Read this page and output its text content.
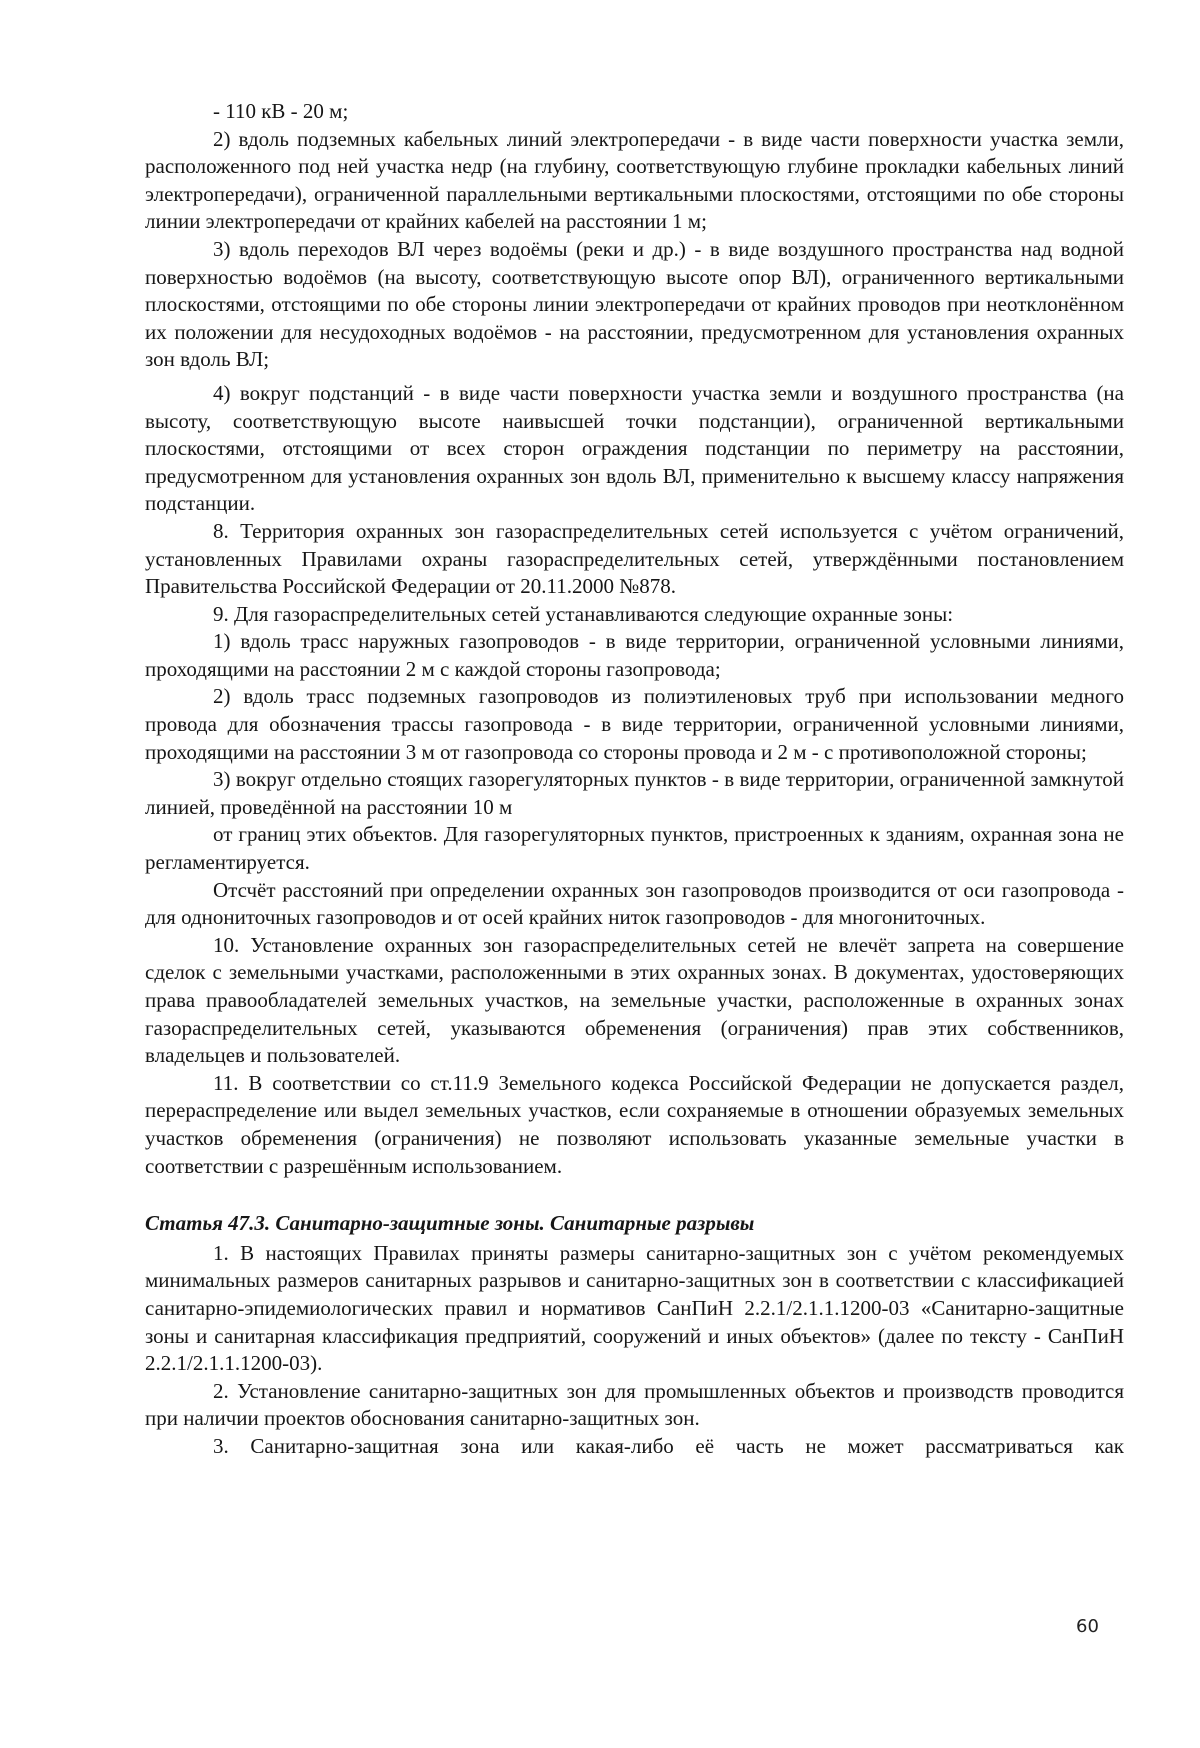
- 110 кВ - 20 м;

2) вдоль подземных кабельных линий электропередачи - в виде части поверхности участка земли, расположенного под ней участка недр (на глубину, соответствующую глубине прокладки кабельных линий электропередачи), ограниченной параллельными вертикальными плоскостями, отстоящими по обе стороны линии электропередачи от крайних кабелей на расстоянии 1 м;

3) вдоль переходов ВЛ через водоёмы (реки и др.) - в виде воздушного пространства над водной поверхностью водоёмов (на высоту, соответствующую высоте опор ВЛ), ограниченного вертикальными плоскостями, отстоящими по обе стороны линии электропередачи от крайних проводов при неотклонённом их положении для несудоходных водоёмов - на расстоянии, предусмотренном для установления охранных зон вдоль ВЛ;

4) вокруг подстанций - в виде части поверхности участка земли и воздушного пространства (на высоту, соответствующую высоте наивысшей точки подстанции), ограниченной вертикальными плоскостями, отстоящими от всех сторон ограждения подстанции по периметру на расстоянии, предусмотренном для установления охранных зон вдоль ВЛ, применительно к высшему классу напряжения подстанции.

8. Территория охранных зон газораспределительных сетей используется с учётом ограничений, установленных Правилами охраны газораспределительных сетей, утверждёнными постановлением Правительства Российской Федерации от 20.11.2000 №878.

9. Для газораспределительных сетей устанавливаются следующие охранные зоны:

1) вдоль трасс наружных газопроводов - в виде территории, ограниченной условными линиями, проходящими на расстоянии 2 м с каждой стороны газопровода;

2) вдоль трасс подземных газопроводов из полиэтиленовых труб при использовании медного провода для обозначения трассы газопровода - в виде территории, ограниченной условными линиями, проходящими на расстоянии 3 м от газопровода со стороны провода и 2 м - с противоположной стороны;

3) вокруг отдельно стоящих газорегуляторных пунктов - в виде территории, ограниченной замкнутой линией, проведённой на расстоянии 10 м

от границ этих объектов. Для газорегуляторных пунктов, пристроенных к зданиям, охранная зона не регламентируется.

Отсчёт расстояний при определении охранных зон газопроводов производится от оси газопровода - для однониточных газопроводов и от осей крайних ниток газопроводов - для многониточных.

10. Установление охранных зон газораспределительных сетей не влечёт запрета на совершение сделок с земельными участками, расположенными в этих охранных зонах. В документах, удостоверяющих права правообладателей земельных участков, на земельные участки, расположенные в охранных зонах газораспределительных сетей, указываются обременения (ограничения) прав этих собственников, владельцев и пользователей.

11. В соответствии со ст.11.9 Земельного кодекса Российской Федерации не допускается раздел, перераспределение или выдел земельных участков, если сохраняемые в отношении образуемых земельных участков обременения (ограничения) не позволяют использовать указанные земельные участки в соответствии с разрешённым использованием.

Статья 47.3. Санитарно-защитные зоны. Санитарные разрывы

1. В настоящих Правилах приняты размеры санитарно-защитных зон с учётом рекомендуемых минимальных размеров санитарных разрывов и санитарно-защитных зон в соответствии с классификацией санитарно-эпидемиологических правил и нормативов СанПиН 2.2.1/2.1.1.1200-03 «Санитарно-защитные зоны и санитарная классификация предприятий, сооружений и иных объектов» (далее по тексту - СанПиН 2.2.1/2.1.1.1200-03).

2. Установление санитарно-защитных зон для промышленных объектов и производств проводится при наличии проектов обоснования санитарно-защитных зон.

3. Санитарно-защитная зона или какая-либо её часть не может рассматриваться как

60
